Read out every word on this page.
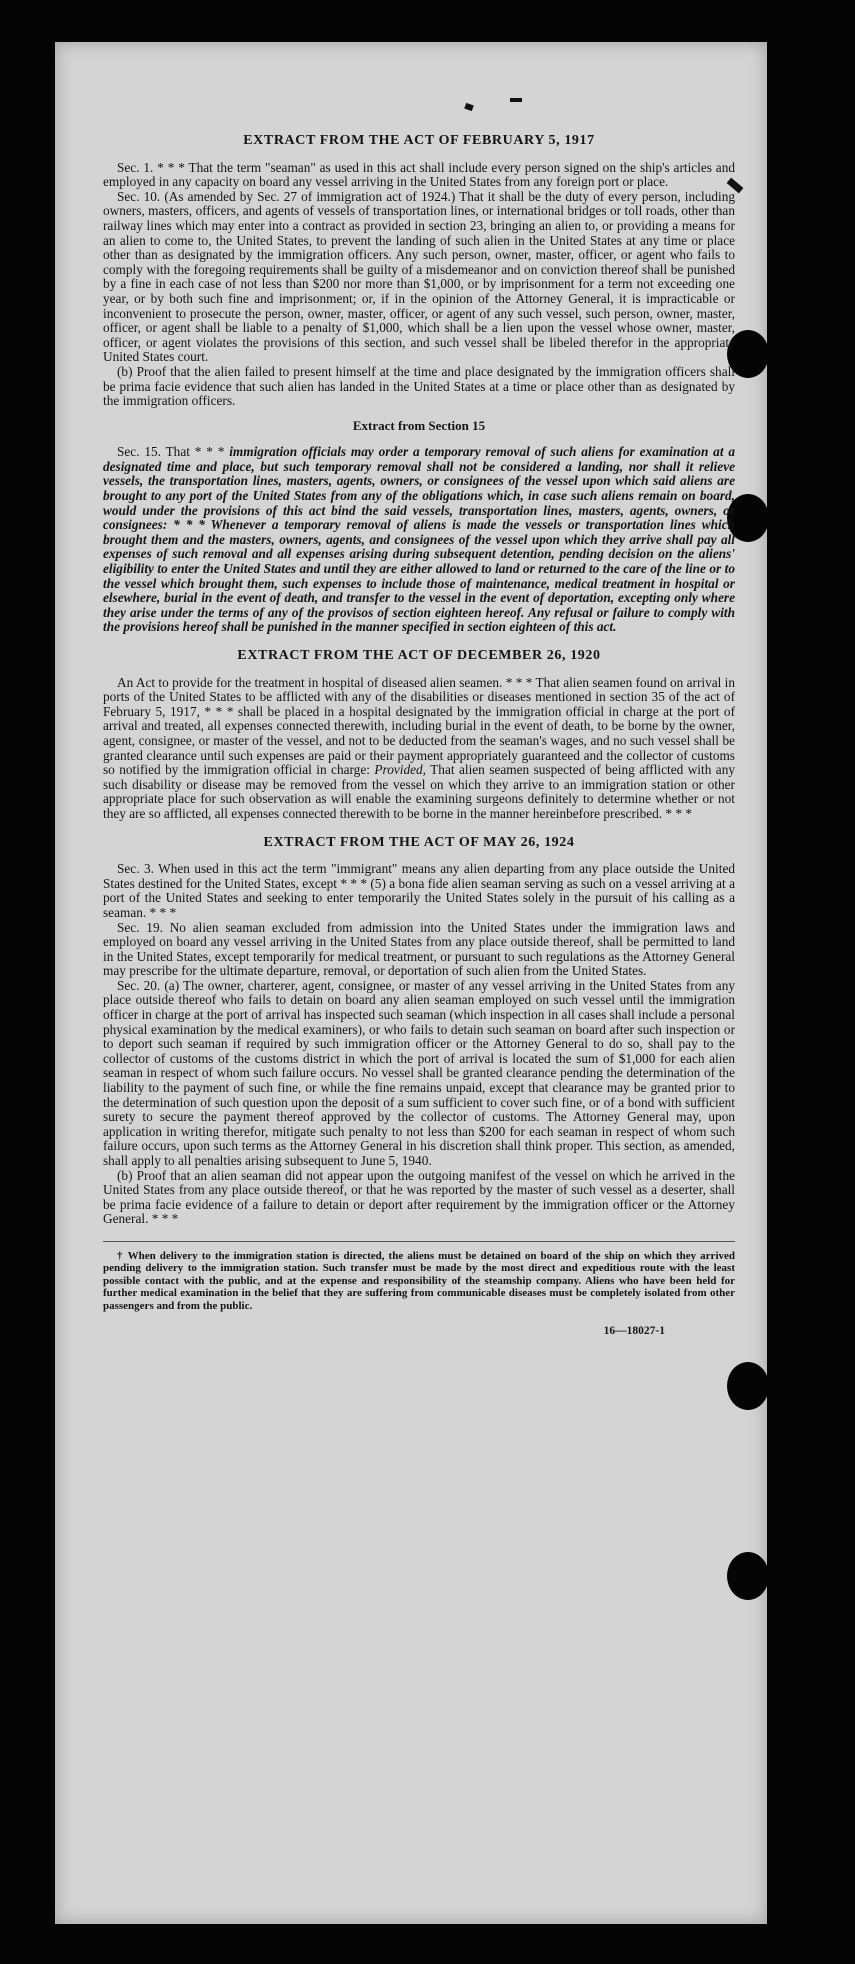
EXTRACT FROM THE ACT OF FEBRUARY 5, 1917

Sec. 1. * * * That the term "seaman" as used in this act shall include every person signed on the ship's articles and employed in any capacity on board any vessel arriving in the United States from any foreign port or place.

Sec. 10. (As amended by Sec. 27 of immigration act of 1924.) That it shall be the duty of every person, including owners, masters, officers, and agents of vessels of transportation lines, or international bridges or toll roads, other than railway lines which may enter into a contract as provided in section 23, bringing an alien to, or providing a means for an alien to come to, the United States, to prevent the landing of such alien in the United States at any time or place other than as designated by the immigration officers. Any such person, owner, master, officer, or agent who fails to comply with the foregoing requirements shall be guilty of a misdemeanor and on conviction thereof shall be punished by a fine in each case of not less than $200 nor more than $1,000, or by imprisonment for a term not exceeding one year, or by both such fine and imprisonment; or, if in the opinion of the Attorney General, it is impracticable or inconvenient to prosecute the person, owner, master, officer, or agent of any such vessel, such person, owner, master, officer, or agent shall be liable to a penalty of $1,000, which shall be a lien upon the vessel whose owner, master, officer, or agent violates the provisions of this section, and such vessel shall be libeled therefor in the appropriate United States court.

(b) Proof that the alien failed to present himself at the time and place designated by the immigration officers shall be prima facie evidence that such alien has landed in the United States at a time or place other than as designated by the immigration officers.

Extract from Section 15

Sec. 15. That * * * immigration officials may order a temporary removal of such aliens for examination at a designated time and place, but such temporary removal shall not be considered a landing, nor shall it relieve vessels, the transportation lines, masters, agents, owners, or consignees of the vessel upon which said aliens are brought to any port of the United States from any of the obligations which, in case such aliens remain on board, would under the provisions of this act bind the said vessels, transportation lines, masters, agents, owners, or consignees: * * * Whenever a temporary removal of aliens is made the vessels or transportation lines which brought them and the masters, owners, agents, and consignees of the vessel upon which they arrive shall pay all expenses of such removal and all expenses arising during subsequent detention, pending decision on the aliens' eligibility to enter the United States and until they are either allowed to land or returned to the care of the line or to the vessel which brought them, such expenses to include those of maintenance, medical treatment in hospital or elsewhere, burial in the event of death, and transfer to the vessel in the event of deportation, excepting only where they arise under the terms of any of the provisos of section eighteen hereof. Any refusal or failure to comply with the provisions hereof shall be punished in the manner specified in section eighteen of this act.

EXTRACT FROM THE ACT OF DECEMBER 26, 1920

An Act to provide for the treatment in hospital of diseased alien seamen. * * * That alien seamen found on arrival in ports of the United States to be afflicted with any of the disabilities or diseases mentioned in section 35 of the act of February 5, 1917, * * * shall be placed in a hospital designated by the immigration official in charge at the port of arrival and treated, all expenses connected therewith, including burial in the event of death, to be borne by the owner, agent, consignee, or master of the vessel, and not to be deducted from the seaman's wages, and no such vessel shall be granted clearance until such expenses are paid or their payment appropriately guaranteed and the collector of customs so notified by the immigration official in charge: Provided, That alien seamen suspected of being afflicted with any such disability or disease may be removed from the vessel on which they arrive to an immigration station or other appropriate place for such observation as will enable the examining surgeons definitely to determine whether or not they are so afflicted, all expenses connected therewith to be borne in the manner hereinbefore prescribed. * * *

EXTRACT FROM THE ACT OF MAY 26, 1924

Sec. 3. When used in this act the term "immigrant" means any alien departing from any place outside the United States destined for the United States, except * * * (5) a bona fide alien seaman serving as such on a vessel arriving at a port of the United States and seeking to enter temporarily the United States solely in the pursuit of his calling as a seaman. * * *

Sec. 19. No alien seaman excluded from admission into the United States under the immigration laws and employed on board any vessel arriving in the United States from any place outside thereof, shall be permitted to land in the United States, except temporarily for medical treatment, or pursuant to such regulations as the Attorney General may prescribe for the ultimate departure, removal, or deportation of such alien from the United States.

Sec. 20. (a) The owner, charterer, agent, consignee, or master of any vessel arriving in the United States from any place outside thereof who fails to detain on board any alien seaman employed on such vessel until the immigration officer in charge at the port of arrival has inspected such seaman (which inspection in all cases shall include a personal physical examination by the medical examiners), or who fails to detain such seaman on board after such inspection or to deport such seaman if required by such immigration officer or the Attorney General to do so, shall pay to the collector of customs of the customs district in which the port of arrival is located the sum of $1,000 for each alien seaman in respect of whom such failure occurs. No vessel shall be granted clearance pending the determination of the liability to the payment of such fine, or while the fine remains unpaid, except that clearance may be granted prior to the determination of such question upon the deposit of a sum sufficient to cover such fine, or of a bond with sufficient surety to secure the payment thereof approved by the collector of customs. The Attorney General may, upon application in writing therefor, mitigate such penalty to not less than $200 for each seaman in respect of whom such failure occurs, upon such terms as the Attorney General in his discretion shall think proper. This section, as amended, shall apply to all penalties arising subsequent to June 5, 1940.

(b) Proof that an alien seaman did not appear upon the outgoing manifest of the vessel on which he arrived in the United States from any place outside thereof, or that he was reported by the master of such vessel as a deserter, shall be prima facie evidence of a failure to detain or deport after requirement by the immigration officer or the Attorney General. * * *

† When delivery to the immigration station is directed, the aliens must be detained on board of the ship on which they arrived pending delivery to the immigration station. Such transfer must be made by the most direct and expeditious route with the least possible contact with the public, and at the expense and responsibility of the steamship company. Aliens who have been held for further medical examination in the belief that they are suffering from communicable diseases must be completely isolated from other passengers and from the public.

16—18027-1
